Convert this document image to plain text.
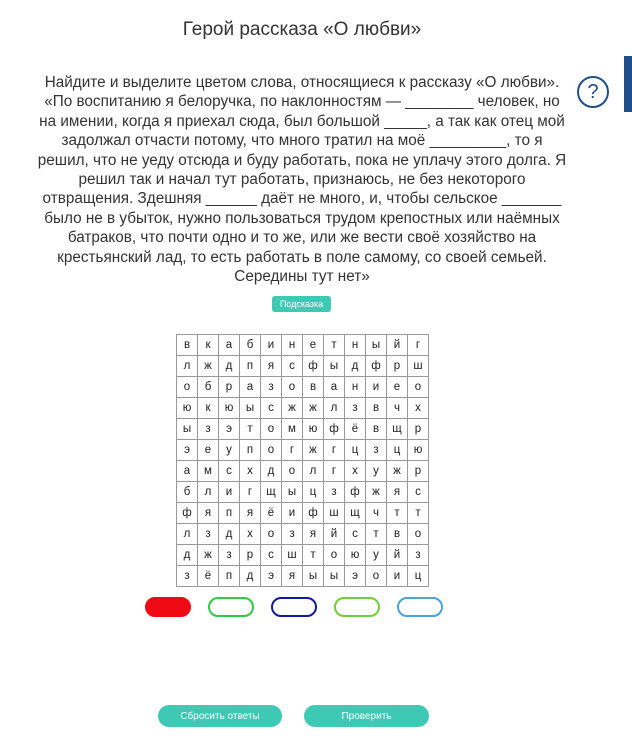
Герой рассказа «О любви»
?
Найдите и выделите цветом слова, относящиеся к рассказу «О любви».
«По воспитанию я белоручка, по наклонностям — ________ человек, но
на имении, когда я приехал сюда, был большой _____, а так как отец мой
задолжал отчасти потому, что много тратил на моё _________, то я
решил, что не уеду отсюда и буду работать, пока не уплачу этого долга. Я
решил так и начал тут работать, признаюсь, не без некоторого
отвращения. Здешняя ______ даёт не много, и, чтобы сельское _______
было не в убыток, нужно пользоваться трудом крепостных или наёмных
батраков, что почти одно и то же, или же вести своё хозяйство на
крестьянский лад, то есть работать в поле самому, со своей семьей.
Середины тут нет»
Подсказка
в	к	а	б	и	н	е	т	н	ы	й	г
л	ж	д	п	я	с	ф	ы	д	ф	р	ш
о	б	р	а	з	о	в	а	н	и	е	о
ю	к	ю	ы	с	ж	ж	л	з	в	ч	х
ы	з	э	т	о	м	ю	ф	ё	в	щ	р
э	е	у	п	о	г	ж	г	ц	з	ц	ю
а	м	с	х	д	о	л	г	х	у	ж	р
б	л	и	г	щ	ы	ц	з	ф	ж	я	с
ф	я	п	я	ё	и	ф	ш	щ	ч	т	т
л	з	д	х	о	з	я	й	с	т	в	о
д	ж	з	р	с	ш	т	о	ю	у	й	з
з	ё	п	д	э	я	ы	ы	э	о	и	ц
Сбросить ответы	Проверить
